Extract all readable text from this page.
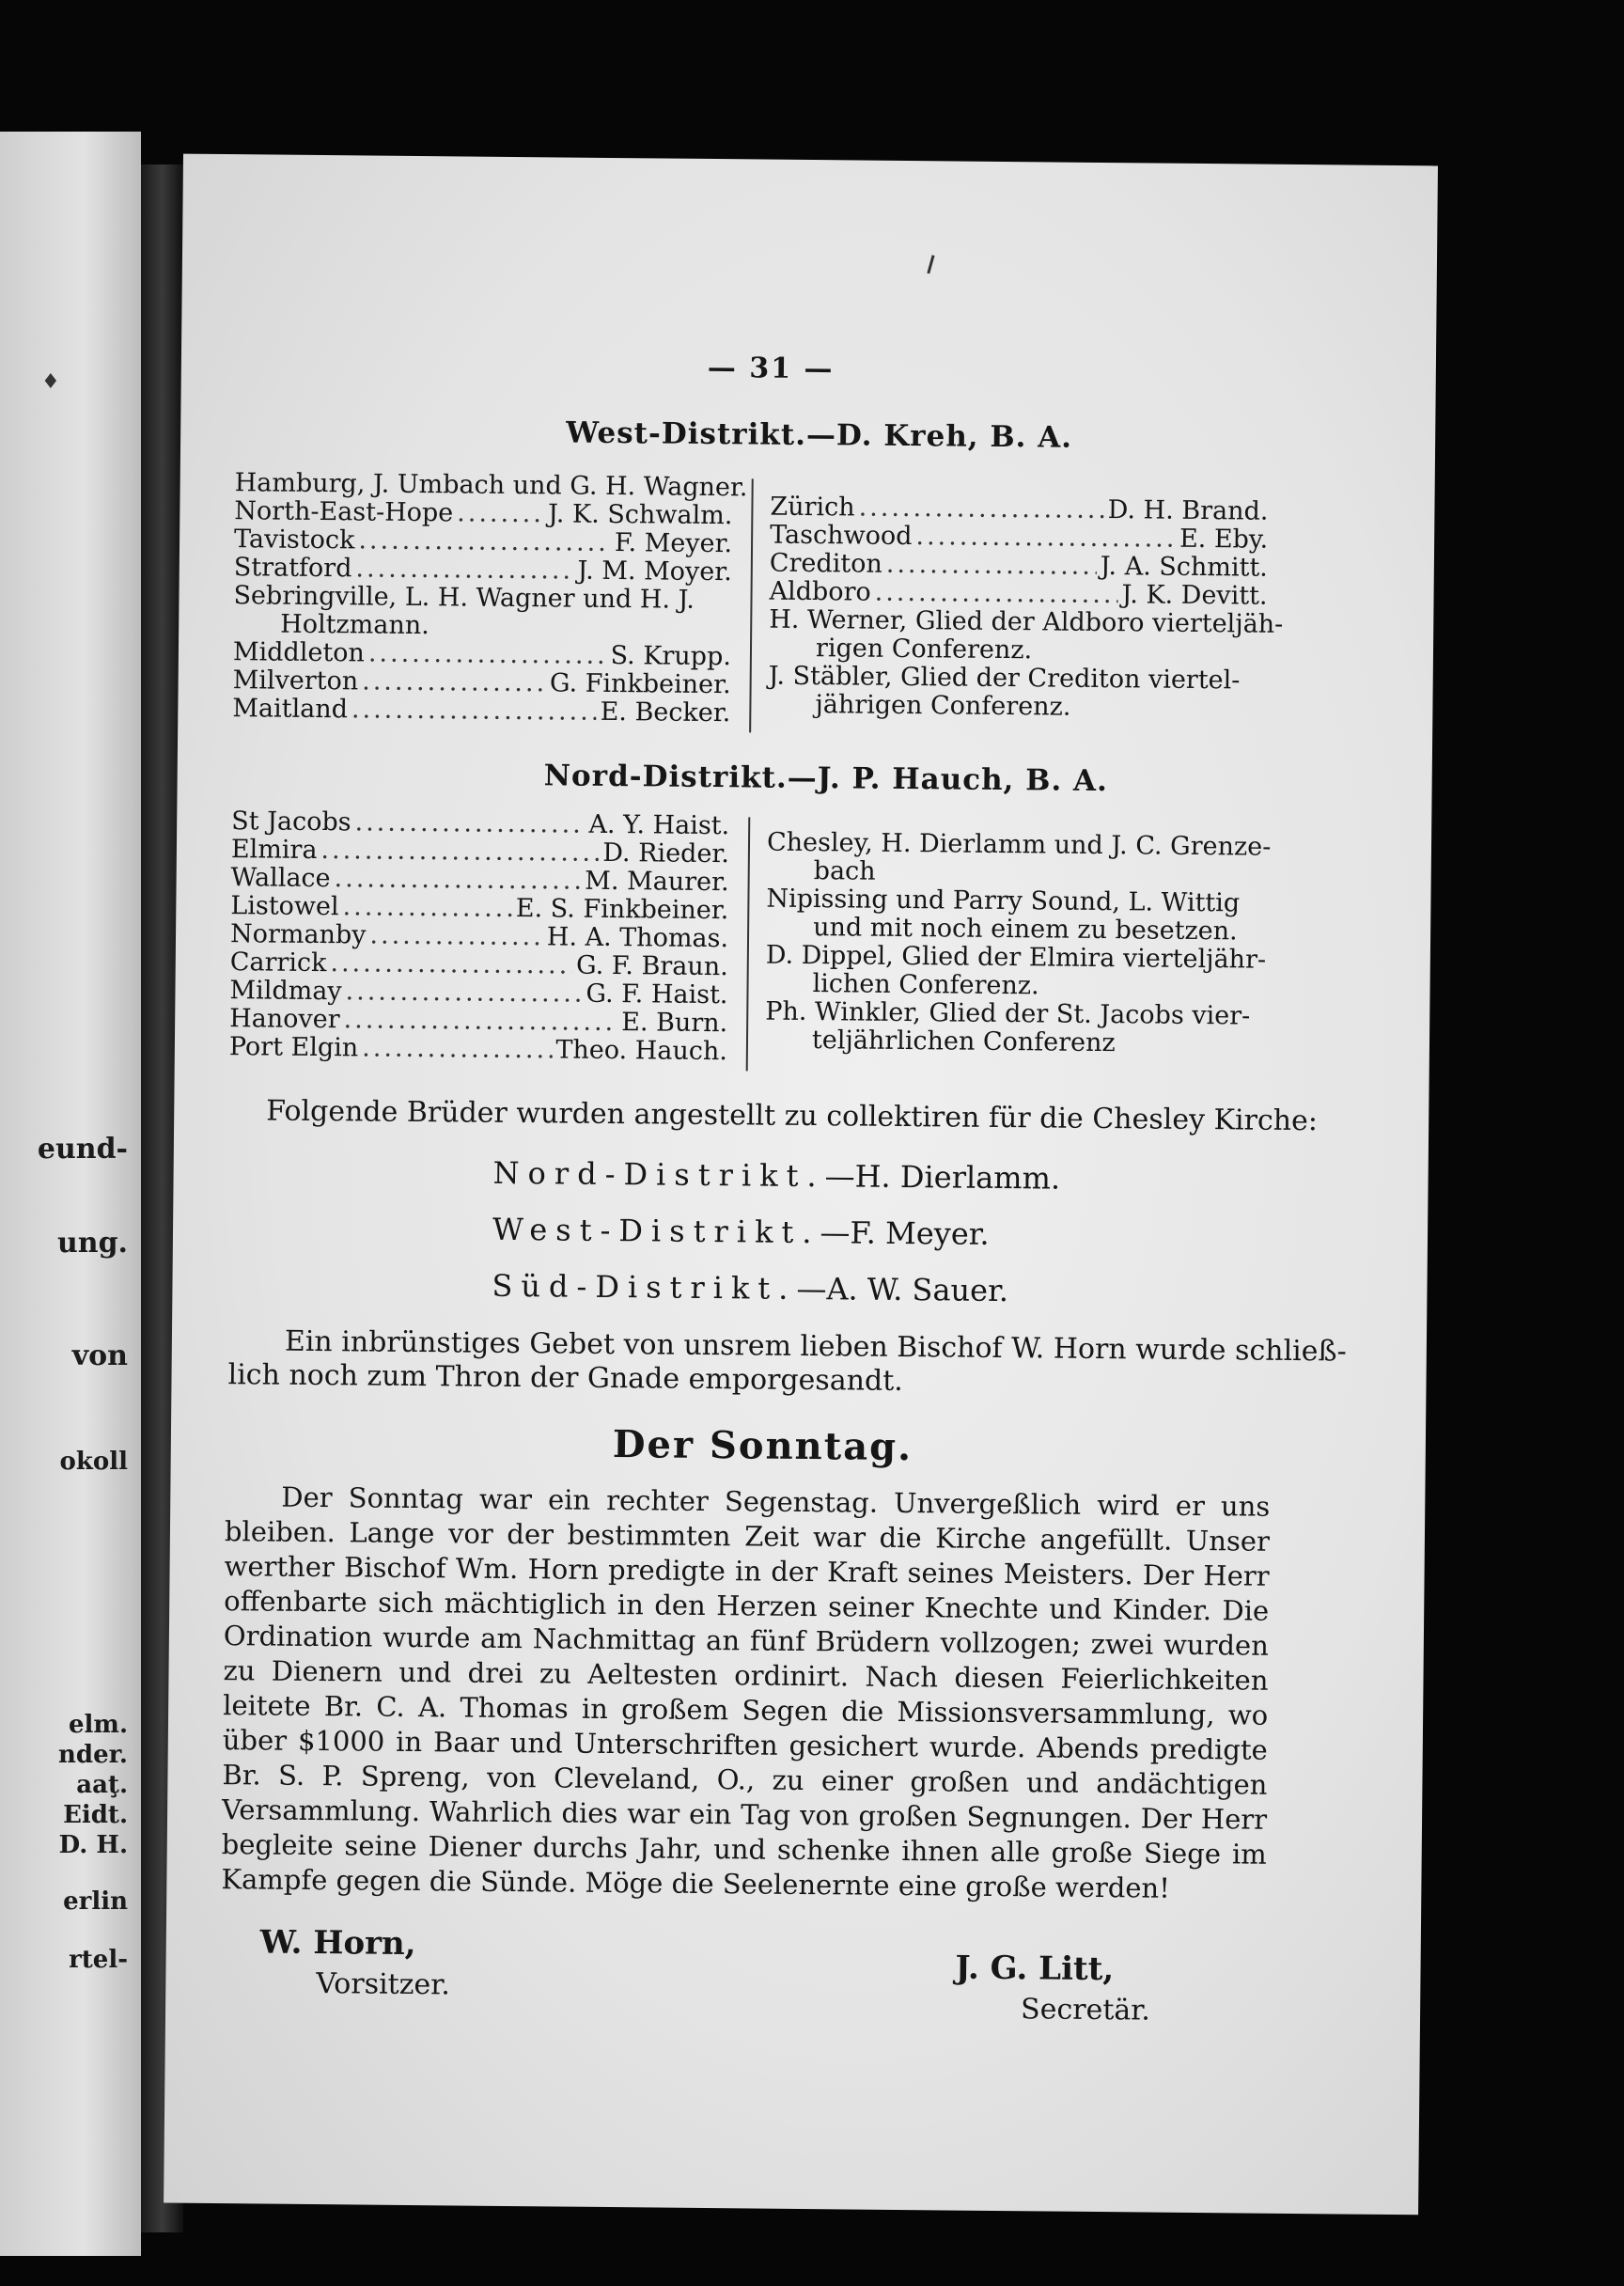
♦
eund-
ung.
von
okoll
elm.
nder.
aaţ.
Eidt.
D. H.
erlin
rtel-
— 31 —
West-Distrikt.—D. Kreh, B. A.
Hamburg, J. Umbach und G. H. Wagner.
North-East-Hope .....	J. K. Schwalm.
Tavistock .....	F. Meyer.
Stratford .....	J. M. Moyer.
Sebringville, L. H. Wagner und H. J.
Holtzmann.
Middleton .....	S. Krupp.
Milverton .....	G. Finkbeiner.
Maitland .....	E. Becker.
Zürich .....	D. H. Brand.
Taschwood .....	E. Eby.
Crediton .....	J. A. Schmitt.
Aldboro .....	J. K. Devitt.
H. Werner, Glied der Aldboro vierteljäh-
rigen Conferenz.
J. Stäbler, Glied der Crediton viertel-
jährigen Conferenz.
Nord-Distrikt.—J. P. Hauch, B. A.
St Jacobs .....	A. Y. Haist.
Elmira .....	D. Rieder.
Wallace .....	M. Maurer.
Listowel .....	E. S. Finkbeiner.
Normanby .....	H. A. Thomas.
Carrick .....	G. F. Braun.
Mildmay .....	G. F. Haist.
Hanover .....	E. Burn.
Port Elgin .....	Theo. Hauch.
Chesley, H. Dierlamm und J. C. Grenze-
bach
Nipissing und Parry Sound, L. Wittig
und mit noch einem zu besetzen.
D. Dippel, Glied der Elmira vierteljähr-
lichen Conferenz.
Ph. Winkler, Glied der St. Jacobs vier-
teljährlichen Conferenz
Folgende Brüder wurden angestellt zu collektiren für die Chesley Kirche:
Nord-Distrikt.—H. Dierlamm.
West-Distrikt.—F. Meyer.
Süd-Distrikt.—A. W. Sauer.
Ein inbrünstiges Gebet von unsrem lieben Bischof W. Horn wurde schließ-
lich noch zum Thron der Gnade emporgesandt.
Der Sonntag.
Der Sonntag war ein rechter Segenstag. Unvergeßlich wird er uns bleiben. Lange vor der bestimmten Zeit war die Kirche angefüllt. Unser werther Bischof Wm. Horn predigte in der Kraft seines Meisters. Der Herr offenbarte sich mächtiglich in den Herzen seiner Knechte und Kinder. Die Ordination wurde am Nachmittag an fünf Brüdern vollzogen; zwei wurden zu Dienern und drei zu Aeltesten ordinirt. Nach diesen Feierlichkeiten leitete Br. C. A. Thomas in großem Segen die Missionsversammlung, wo über $1000 in Baar und Unterschriften gesichert wurde. Abends predigte Br. S. P. Spreng, von Cleveland, O., zu einer großen und andächtigen Versammlung. Wahrlich dies war ein Tag von großen Segnungen. Der Herr begleite seine Diener durchs Jahr, und schenke ihnen alle große Siege im Kampfe gegen die Sünde. Möge die Seelenernte eine große werden!
W. Horn,
Vorsitzer.	J. G. Litt,
Secretär.
